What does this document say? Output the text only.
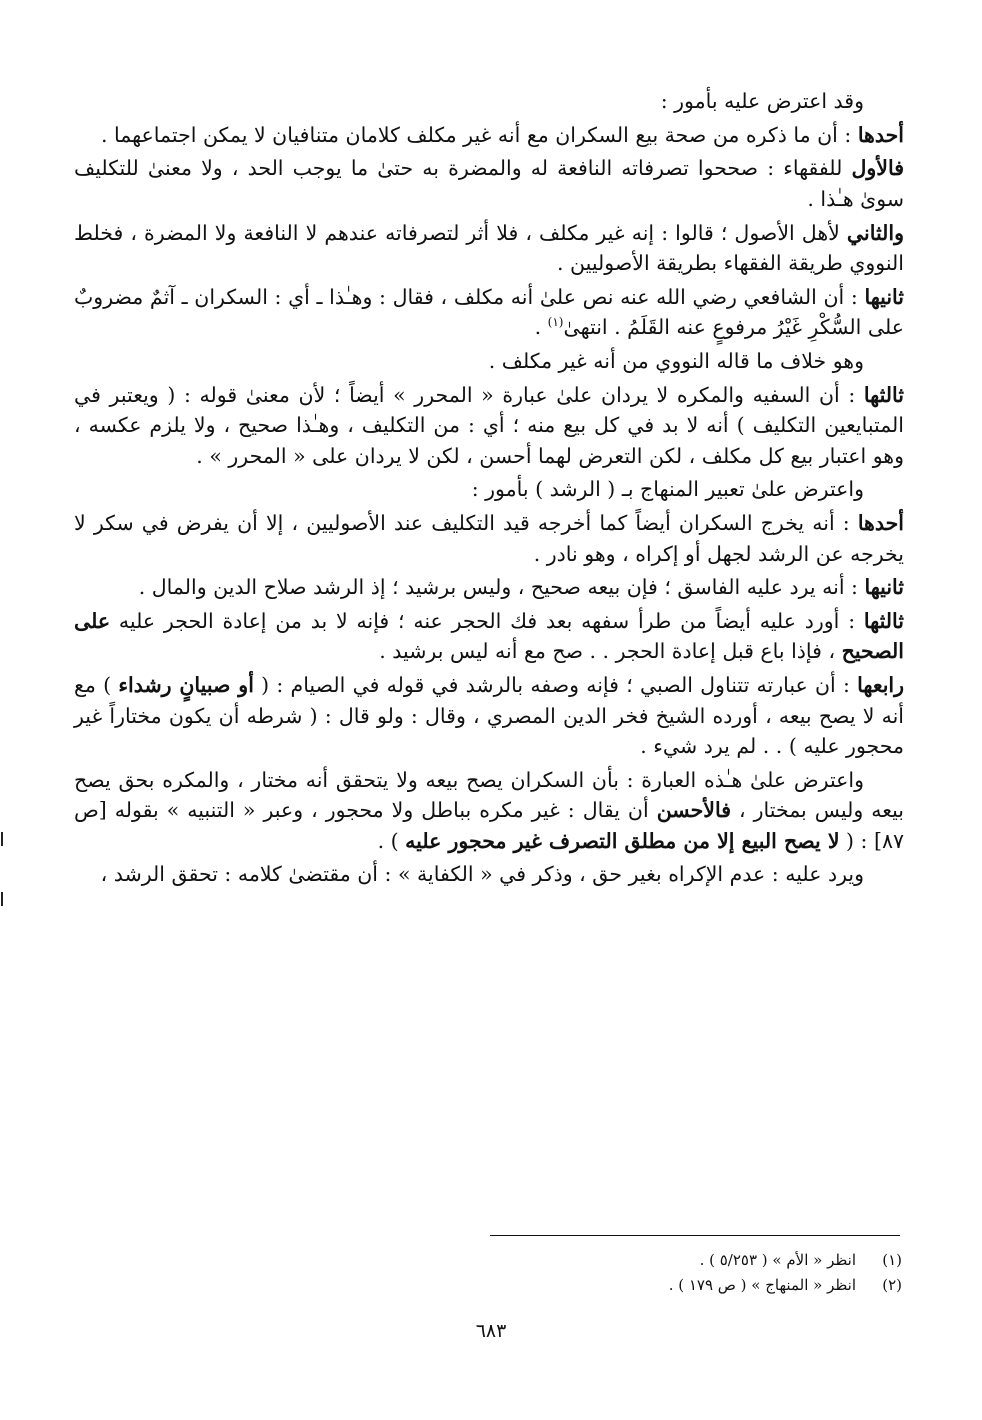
وقد اعترض عليه بأمور :

أحدها : أن ما ذكره من صحة بيع السكران مع أنه غير مكلف كلامان متنافيان لا يمكن اجتماعهما .

فالأول للفقهاء : صححوا تصرفاته النافعة له والمضرة به حتىٰ ما يوجب الحد ، ولا معنىٰ للتكليف سوىٰ هـٰذا .

والثاني لأهل الأصول ؛ قالوا : إنه غير مكلف ، فلا أثر لتصرفاته عندهم لا النافعة ولا المضرة ، فخلط النووي طريقة الفقهاء بطريقة الأصوليين .

ثانيها : أن الشافعي رضي الله عنه نص علىٰ أنه مكلف ، فقال : وهـٰذا ـ أي : السكران ـ آثمٌ مضروبٌ على السُّكْرِ غَيْرُ مرفوعٍ عنه القَلَمُ . انتهىٰ$^{(١)}$ .

وهو خلاف ما قاله النووي من أنه غير مكلف .

ثالثها : أن السفيه والمكره لا يردان علىٰ عبارة « المحرر » أيضاً ؛ لأن معنىٰ قوله : ( ويعتبر في المتبايعين التكليف ) أنه لا بد في كل بيع منه ؛ أي : من التكليف ، وهـٰذا صحيح ، ولا يلزم عكسه ، وهو اعتبار بيع كل مكلف ، لكن التعرض لهما أحسن ، لكن لا يردان على « المحرر » .

واعترض علىٰ تعبير المنهاج بـ ( الرشد ) بأمور :

أحدها : أنه يخرج السكران أيضاً كما أخرجه قيد التكليف عند الأصوليين ، إلا أن يفرض في سكر لا يخرجه عن الرشد لجهل أو إكراه ، وهو نادر .

ثانيها : أنه يرد عليه الفاسق ؛ فإن بيعه صحيح ، وليس برشيد ؛ إذ الرشد صلاح الدين والمال .

ثالثها : أورد عليه أيضاً من طرأ سفهه بعد فك الحجر عنه ؛ فإنه لا بد من إعادة الحجر عليه على الصحيح ، فإذا باع قبل إعادة الحجر . . صح مع أنه ليس برشيد .

رابعها : أن عبارته تتناول الصبي ؛ فإنه وصفه بالرشد في قوله في الصيام : ( أو صبيانٍ رشداء ) مع أنه لا يصح بيعه ، أورده الشيخ فخر الدين المصري ، وقال : ولو قال : ( شرطه أن يكون مختاراً غير محجور عليه ) . . لم يرد شيء .

واعترض علىٰ هـٰذه العبارة : بأن السكران يصح بيعه ولا يتحقق أنه مختار ، والمكره بحق يصح بيعه وليس بمختار ، فالأحسن أن يقال : غير مكره بباطل ولا محجور ، وعبر « التنبيه » بقوله [ص ٨٧] : ( لا يصح البيع إلا من مطلق التصرف غير محجور عليه ) .

ويرد عليه : عدم الإكراه بغير حق ، وذكر في « الكفاية » : أن مقتضىٰ كلامه : تحقق الرشد ،

(١)انظر « الأم » ( ٥/٢٥٣ ) .

(٢)انظر « المنهاج » ( ص ١٧٩ ) .

٦٨٣
